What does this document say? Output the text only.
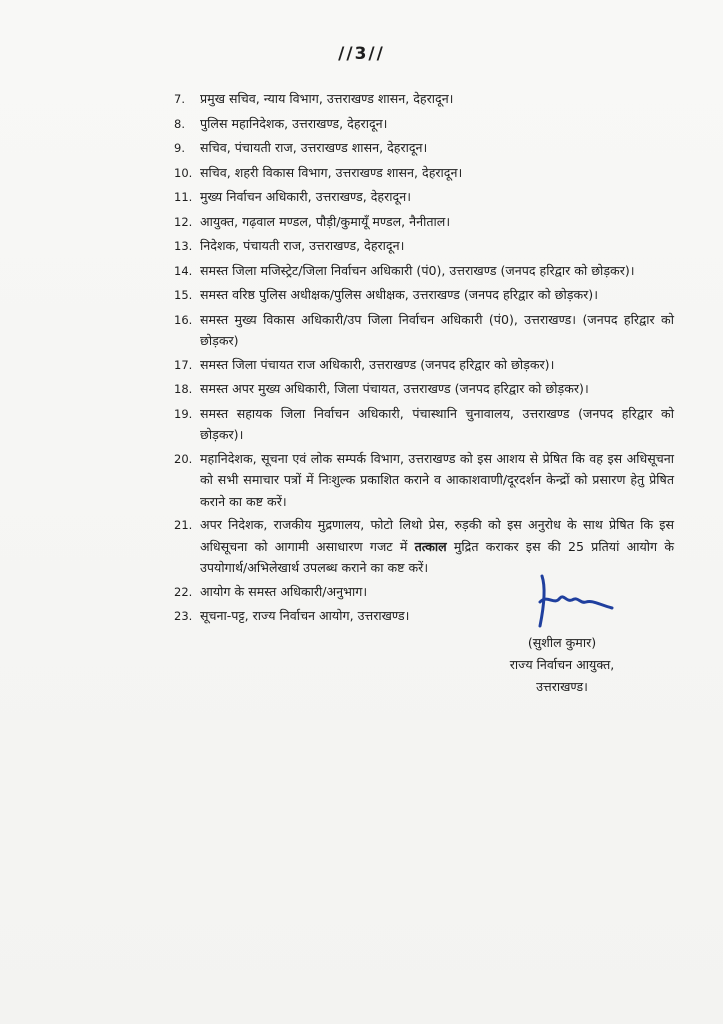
//3//
7.	प्रमुख सचिव, न्याय विभाग, उत्तराखण्ड शासन, देहरादून।
8.	पुलिस महानिदेशक, उत्तराखण्ड, देहरादून।
9.	सचिव, पंचायती राज, उत्तराखण्ड शासन, देहरादून।
10. सचिव, शहरी विकास विभाग, उत्तराखण्ड शासन, देहरादून।
11. मुख्य निर्वाचन अधिकारी, उत्तराखण्ड, देहरादून।
12. आयुक्त, गढ़वाल मण्डल, पौड़ी/कुमायूँ मण्डल, नैनीताल।
13. निदेशक, पंचायती राज, उत्तराखण्ड, देहरादून।
14. समस्त जिला मजिस्ट्रेट/जिला निर्वाचन अधिकारी (पं0), उत्तराखण्ड (जनपद हरिद्वार को छोड़कर)।
15. समस्त वरिष्ठ पुलिस अधीक्षक/पुलिस अधीक्षक, उत्तराखण्ड (जनपद हरिद्वार को छोड़कर)।
16. समस्त मुख्य विकास अधिकारी/उप जिला निर्वाचन अधिकारी (पं0), उत्तराखण्ड। (जनपद हरिद्वार को छोड़कर)
17. समस्त जिला पंचायत राज अधिकारी, उत्तराखण्ड (जनपद हरिद्वार को छोड़कर)।
18. समस्त अपर मुख्य अधिकारी, जिला पंचायत, उत्तराखण्ड (जनपद हरिद्वार को छोड़कर)।
19. समस्त सहायक जिला निर्वाचन अधिकारी, पंचास्थानि चुनावालय, उत्तराखण्ड (जनपद हरिद्वार को छोड़कर)।
20. महानिदेशक, सूचना एवं लोक सम्पर्क विभाग, उत्तराखण्ड को इस आशय से प्रेषित कि वह इस अधिसूचना को सभी समाचार पत्रों में निःशुल्क प्रकाशित कराने व आकाशवाणी/दूरदर्शन केन्द्रों को प्रसारण हेतु प्रेषित कराने का कष्ट करें।
21. अपर निदेशक, राजकीय मुद्रणालय, फोटो लिथो प्रेस, रुड़की को इस अनुरोध के साथ प्रेषित कि इस अधिसूचना को आगामी असाधारण गजट में तत्काल मुद्रित कराकर इस की 25 प्रतियां आयोग के उपयोगार्थ/अभिलेखार्थ उपलब्ध कराने का कष्ट करें।
22. आयोग के समस्त अधिकारी/अनुभाग।
23. सूचना-पट्ट, राज्य निर्वाचन आयोग, उत्तराखण्ड।
(सुशील कुमार)
राज्य निर्वाचन आयुक्त,
उत्तराखण्ड।
